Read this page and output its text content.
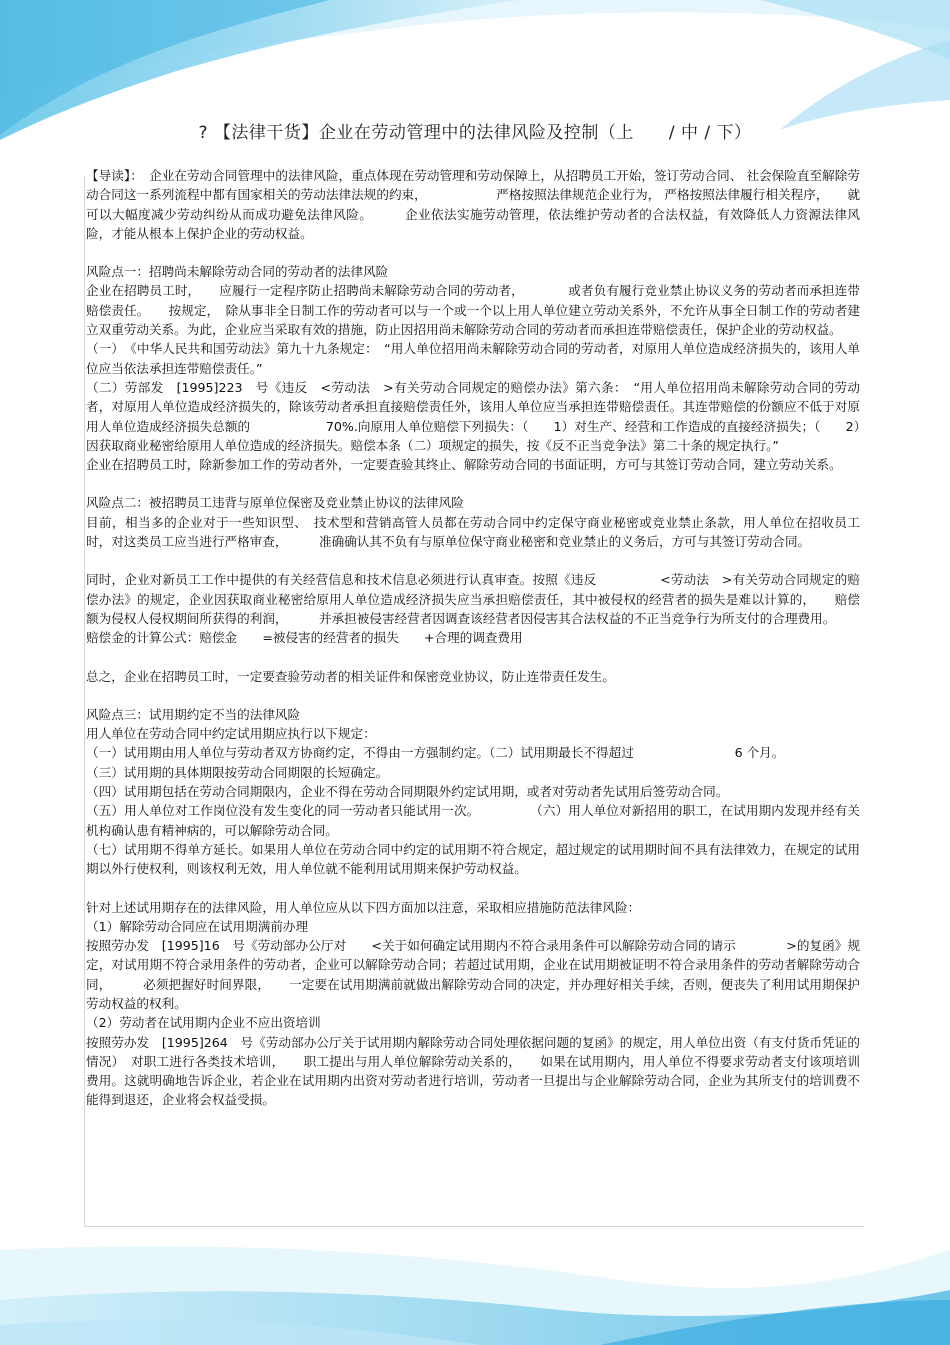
? 【法律干货】企业在劳动管理中的法律风险及控制（上　　/ 中 / 下）

【导读】：　企业在劳动合同管理中的法律风险，重点体现在劳动管理和劳动保障上，从招聘员工开始，签订劳动合同、 社会保险直至解除劳动合同这一系列流程中都有国家相关的劳动法律法规的约束，　　　　　　严格按照法律规范企业行为， 严格按照法律履行相关程序，　　就可以大幅度减少劳动纠纷从而成功避免法律风险。　　　企业依法实施劳动管理，依法维护劳动者的合法权益，有效降低人力资源法律风险，才能从根本上保护企业的劳动权益。

风险点一：招聘尚未解除劳动合同的劳动者的法律风险

企业在招聘员工时，　　应履行一定程序防止招聘尚未解除劳动合同的劳动者，　　　　或者负有履行竞业禁止协议义务的劳动者而承担连带赔偿责任。　　按规定，　除从事非全日制工作的劳动者可以与一个或一个以上用人单位建立劳动关系外，不允许从事全日制工作的劳动者建立双重劳动关系。为此，企业应当采取有效的措施，防止因招用尚未解除劳动合同的劳动者而承担连带赔偿责任，保护企业的劳动权益。

（一）　《中华人民共和国劳动法》第九十九条规定：　“用人单位招用尚未解除劳动合同的劳动者，对原用人单位造成经济损失的，该用人单位应当依法承担连带赔偿责任。”

（二）劳部发　[1995]223　号《违反　<劳动法　>有关劳动合同规定的赔偿办法》第六条：　“用人单位招用尚未解除劳动合同的劳动者，对原用人单位造成经济损失的，除该劳动者承担直接赔偿责任外，该用人单位应当承担连带赔偿责任。其连带赔偿的份额应不低于对原用人单位造成经济损失总额的　　　　　　70%.向原用人单位赔偿下列损失：（　　1）对生产、经营和工作造成的直接经济损失；（　　2）因获取商业秘密给原用人单位造成的经济损失。赔偿本条（二）项规定的损失，按《反不正当竞争法》第二十条的规定执行。”

企业在招聘员工时，除新参加工作的劳动者外，一定要查验其终止、解除劳动合同的书面证明，方可与其签订劳动合同，建立劳动关系。

风险点二：被招聘员工违背与原单位保密及竞业禁止协议的法律风险

目前，相当多的企业对于一些知识型、　技术型和营销高管人员都在劳动合同中约定保守商业秘密或竞业禁止条款，用人单位在招收员工时，对这类员工应当进行严格审查，　　　准确确认其不负有与原单位保守商业秘密和竞业禁止的义务后，方可与其签订劳动合同。

同时，企业对新员工工作中提供的有关经营信息和技术信息必须进行认真审查。按照《违反　　　　　<劳动法　>有关劳动合同规定的赔偿办法》的规定，企业因获取商业秘密给原用人单位造成经济损失应当承担赔偿责任，其中被侵权的经营者的损失是难以计算的，　　赔偿额为侵权人侵权期间所获得的利润，　　　并承担被侵害经营者因调查该经营者因侵害其合法权益的不正当竞争行为所支付的合理费用。

赔偿金的计算公式：赔偿金　　=被侵害的经营者的损失　　+合理的调查费用

总之，企业在招聘员工时，一定要查验劳动者的相关证件和保密竞业协议，防止连带责任发生。

风险点三：试用期约定不当的法律风险

用人单位在劳动合同中约定试用期应执行以下规定：

（一）试用期由用人单位与劳动者双方协商约定，不得由一方强制约定。（二）试用期最长不得超过　　　　　　　　6 个月。

（三）试用期的具体期限按劳动合同期限的长短确定。

（四）试用期包括在劳动合同期限内，企业不得在劳动合同期限外约定试用期，或者对劳动者先试用后签劳动合同。

（五）用人单位对工作岗位没有发生变化的同一劳动者只能试用一次。　　　　　（六）用人单位对新招用的职工，在试用期内发现并经有关机构确认患有精神病的，可以解除劳动合同。

（七）试用期不得单方延长。如果用人单位在劳动合同中约定的试用期不符合规定，超过规定的试用期时间不具有法律效力，在规定的试用期以外行使权利，则该权利无效，用人单位就不能利用试用期来保护劳动权益。

针对上述试用期存在的法律风险，用人单位应从以下四方面加以注意，采取相应措施防范法律风险：

（1）解除劳动合同应在试用期满前办理

按照劳办发　[1995]16　号《劳动部办公厅对　　<关于如何确定试用期内不符合录用条件可以解除劳动合同的请示　　　　>的复函》规定，对试用期不符合录用条件的劳动者，企业可以解除劳动合同；若超过试用期，企业在试用期被证明不符合录用条件的劳动者解除劳动合同，　　　必须把握好时间界限，　　一定要在试用期满前就做出解除劳动合同的决定，并办理好相关手续，否则，便丧失了利用试用期保护劳动权益的权利。

（2）劳动者在试用期内企业不应出资培训

按照劳办发　[1995]264　号《劳动部办公厅关于试用期内解除劳动合同处理依据问题的复函》的规定，用人单位出资（有支付货币凭证的情况）　对职工进行各类技术培训，　　职工提出与用人单位解除劳动关系的，　　如果在试用期内，用人单位不得要求劳动者支付该项培训费用。这就明确地告诉企业，若企业在试用期内出资对劳动者进行培训，劳动者一旦提出与企业解除劳动合同，企业为其所支付的培训费不能得到退还，企业将会权益受损。
